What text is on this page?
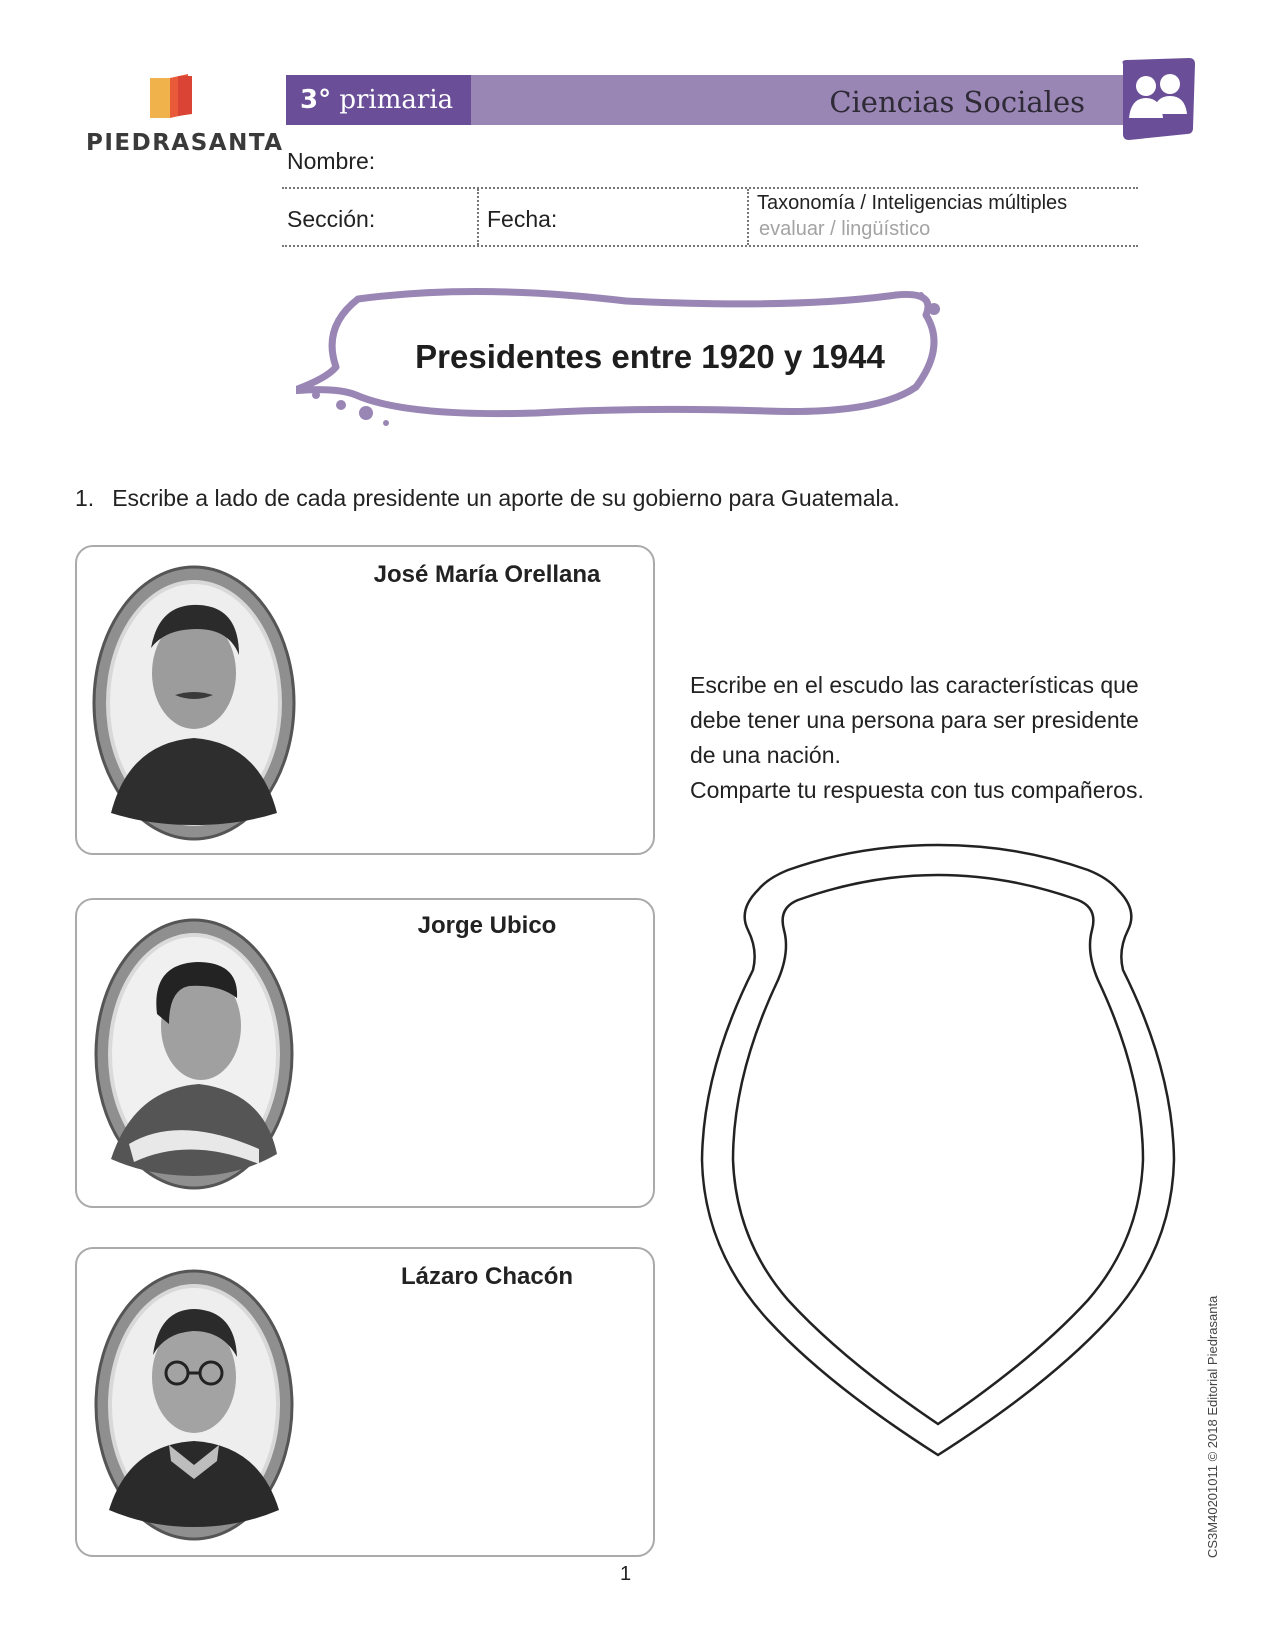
PIEDRASANTA
3° primaria	Ciencias Sociales
Nombre:
Sección:	Fecha:
Taxonomía / Inteligencias múltiples
evaluar / lingüístico
Presidentes entre 1920 y 1944
1. Escribe a lado de cada presidente un aporte de su gobierno para Guatemala.
José María Orellana
Jorge Ubico
Lázaro Chacón
Escribe en el escudo las características que
debe tener una persona para ser presidente
de una nación.
Comparte tu respuesta con tus compañeros.
1
CS3M40201011 © 2018 Editorial Piedrasanta
